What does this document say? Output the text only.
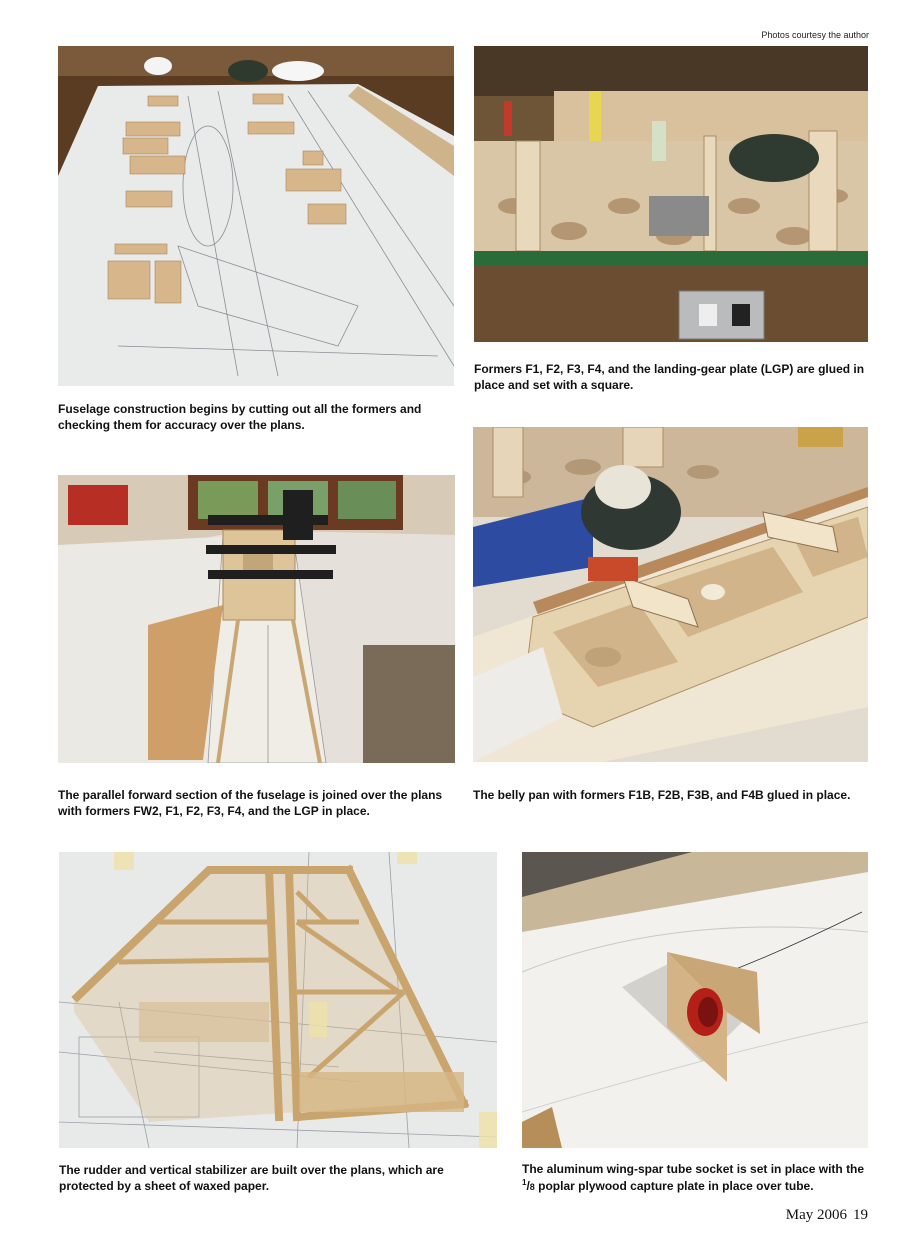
Photos courtesy the author

Fuselage construction begins by cutting out all the formers and checking them for accuracy over the plans.

Formers F1, F2, F3, F4, and the landing-gear plate (LGP) are glued in place and set with a square.

The parallel forward section of the fuselage is joined over the plans with formers FW2, F1, F2, F3, F4, and the LGP in place.

The belly pan with formers F1B, F2B, F3B, and F4B glued in place.

The rudder and vertical stabilizer are built over the plans, which are protected by a sheet of waxed paper.

The aluminum wing-spar tube socket is set in place with the $^1$/8 poplar plywood capture plate in place over tube.

May 2006 19
